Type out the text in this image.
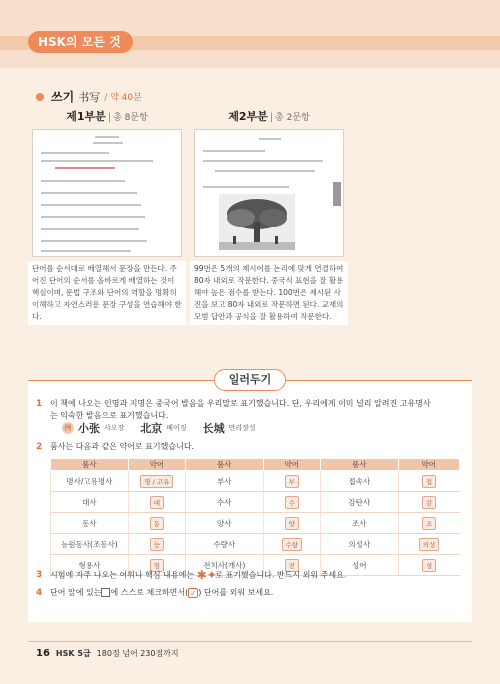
HSK의 모든 것
쓰기 书写 / 약 40분
제1부분 | 총 8문항
단어를 순서대로 배열해서 문장을 만든다. 주어진 단어의 순서를 올바르게 배열하는 것이 핵심이며, 문법 구조와 단어의 역할을 명확히 이해하고 자연스러운 문장 구성을 연습해야 한다.
제2부분 | 총 2문항
99번은 5개의 제시어를 논리에 맞게 연결하여 80자 내외로 작문한다. 중국식 표현을 잘 활용해야 높은 점수를 받는다. 100번은 제시된 사진을 보고 80자 내외로 작문하면 된다. 교재의 모범 답안과 공식을 잘 활용하여 작문한다.
일러두기
1 이 책에 나오는 인명과 지명은 중국어 발음을 우리말로 표기했습니다. 단, 우리에게 이미 널리 알려진 고유명사
는 익숙한 발음으로 표기했습니다.
例 小张 샤오장 北京 베이징 长城 만리장성
2 품사는 다음과 같은 약어로 표기했습니다.
품사	약어	품사	약어	품사	약어
명사/고유명사	명 / 고유	부사	부	접속사	접
대사	대	수사	수	감탄사	감
동사	동	양사	양	조사	조
능원동사(조동사)	능	수량사	수량	의성사	의성
형용사	형	전치사(개사)	전	성어	성
3 시험에 자주 나오는 어휘나 핵심 내용에는 ✱✦ 로 표기했습니다. 반드시 외워 주세요.
4 단어 앞에 있는 에 스스로 체크하면서( ✓ ) 단어를 외워 보세요.
16 HSK 5급 180점 넘어 230점까지
